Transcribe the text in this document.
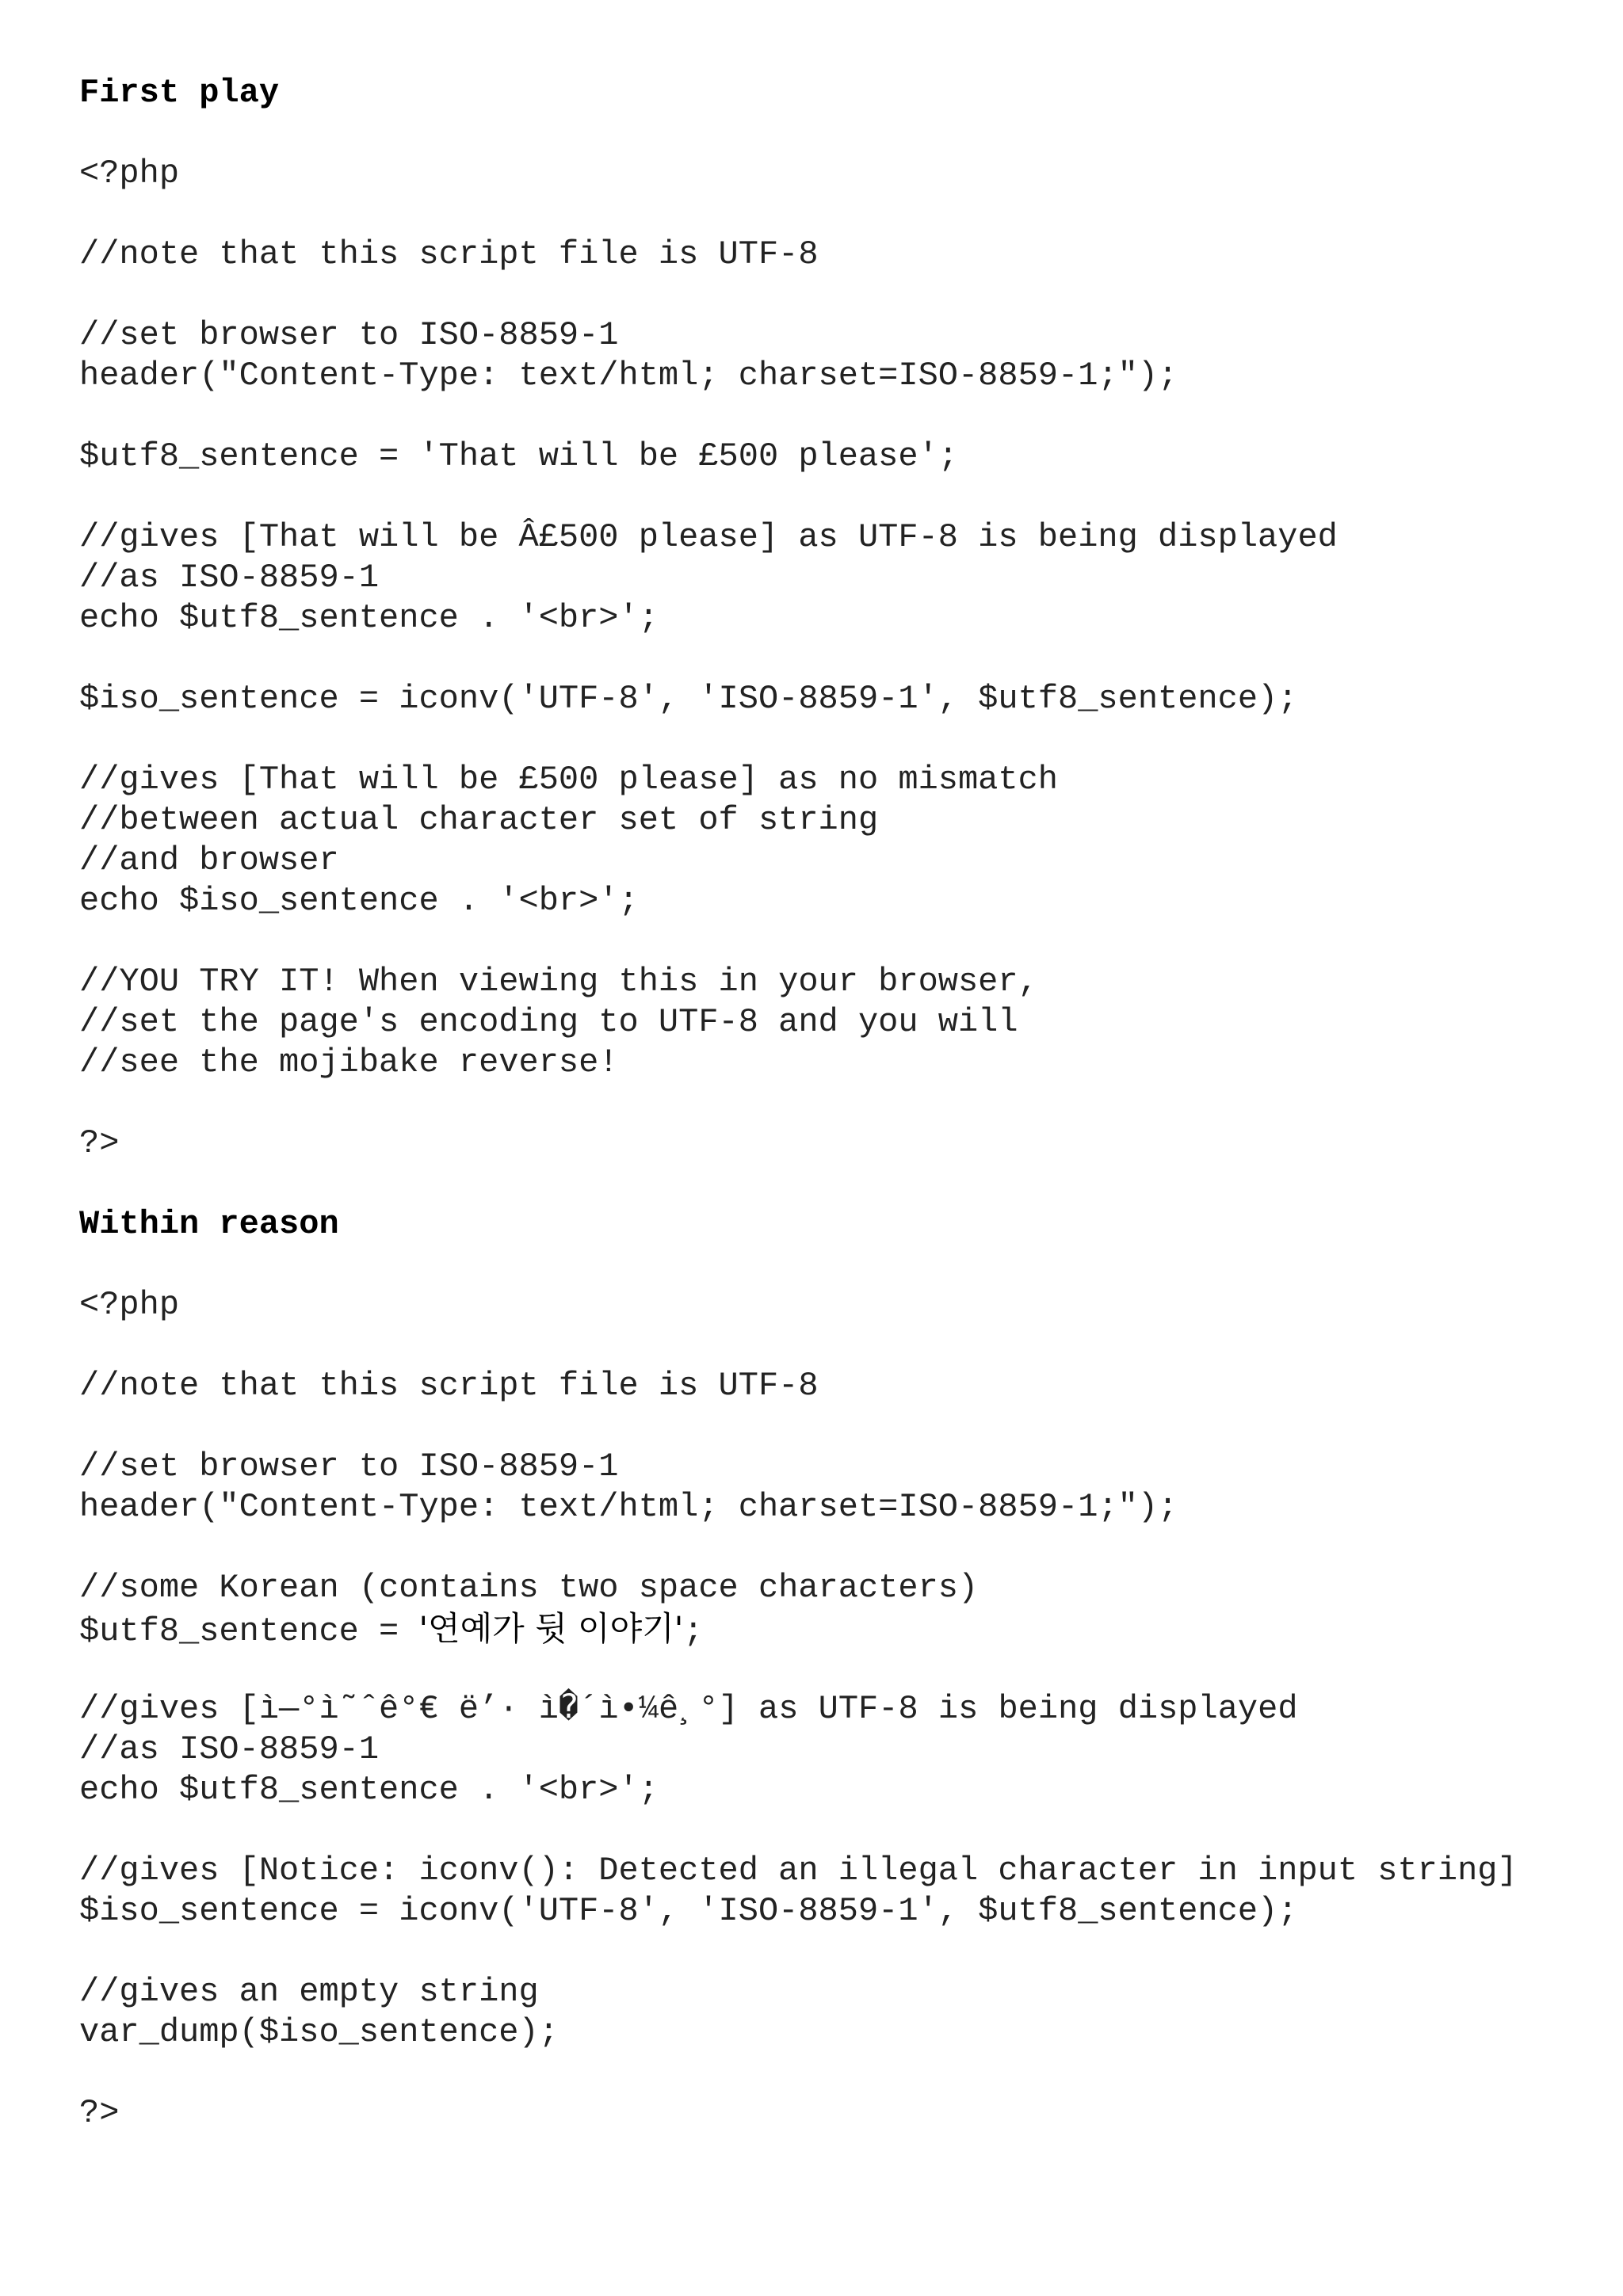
First play
<?php
//note that this script file is UTF-8
//set browser to ISO-8859-1
header("Content-Type: text/html; charset=ISO-8859-1;");
$utf8_sentence = 'That will be £500 please';
//gives [That will be Â£500 please] as UTF-8 is being displayed
//as ISO-8859-1
echo $utf8_sentence . '<br>';
$iso_sentence = iconv('UTF-8', 'ISO-8859-1', $utf8_sentence);
//gives [That will be £500 please] as no mismatch
//between actual character set of string
//and browser
echo $iso_sentence . '<br>';
//YOU TRY IT! When viewing this in your browser,
//set the page's encoding to UTF-8 and you will
//see the mojibake reverse!
?>
Within reason
<?php
//note that this script file is UTF-8
//set browser to ISO-8859-1
header("Content-Type: text/html; charset=ISO-8859-1;");
//some Korean (contains two space characters)
$utf8_sentence = '연예가 뒷 이야기';
//gives [ì—°ì˜ˆê°€ ë’· ì�´ì•¼ê¸°] as UTF-8 is being displayed
//as ISO-8859-1
echo $utf8_sentence . '<br>';
//gives [Notice: iconv(): Detected an illegal character in input string]
$iso_sentence = iconv('UTF-8', 'ISO-8859-1', $utf8_sentence);
//gives an empty string
var_dump($iso_sentence);
?>
